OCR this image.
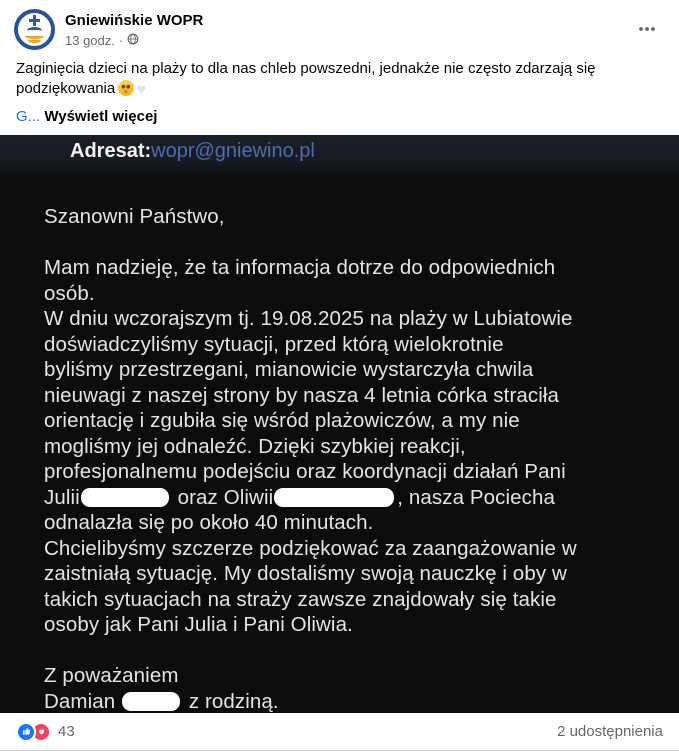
Gniewińskie WOPR
13 godz. ·
Zaginięcia dzieci na plaży to dla nas chleb powszedni, jednakże nie często zdarzają się podziękowania ♥
G... Wyświetl więcej
Adresat:wopr@gniewino.pl
Szanowni Państwo,
Mam nadzieję, że ta informacja dotrze do odpowiednich
osób.
W dniu wczorajszym tj. 19.08.2025 na plaży w Lubiatowie
doświadczyliśmy sytuacji, przed którą wielokrotnie
byliśmy przestrzegani, mianowicie wystarczyła chwila
nieuwagi z naszej strony by nasza 4 letnia córka straciła
orientację i zgubiła się wśród plażowiczów, a my nie
mogliśmy jej odnaleźć. Dzięki szybkiej reakcji,
profesjonalnemu podejściu oraz koordynacji działań Pani
Julii	oraz Oliwii	, nasza Pociecha
odnalazła się po około 40 minutach.
Chcielibyśmy szczerze podziękować za zaangażowanie w
zaistniałą sytuację. My dostaliśmy swoją nauczkę i oby w
takich sytuacjach na straży zawsze znajdowały się takie
osoby jak Pani Julia i Pani Oliwia.
Z poważaniem
Damian	z rodziną.
43	2 udostępnienia
